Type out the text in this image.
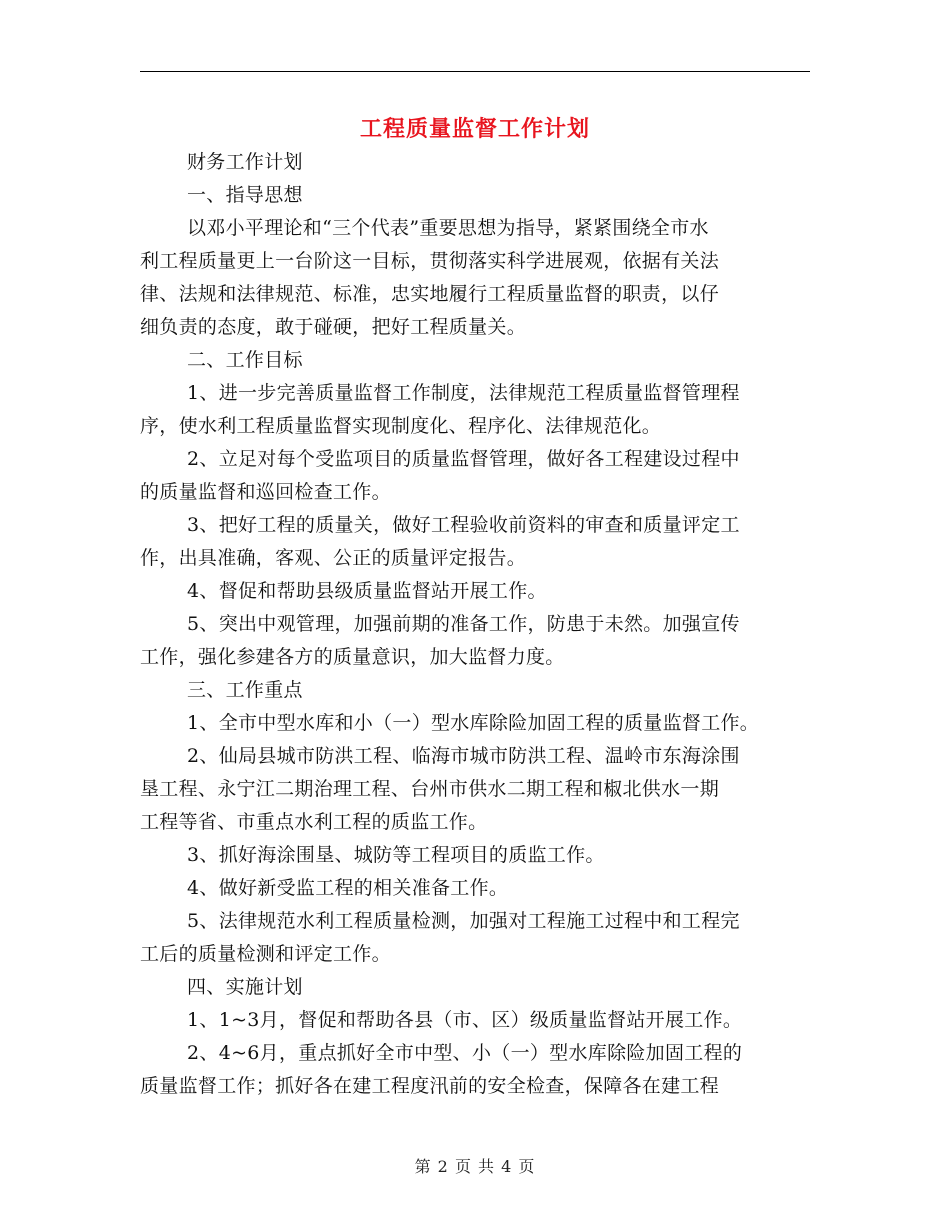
工程质量监督工作计划
财务工作计划
一、指导思想
以邓小平理论和“三个代表”重要思想为指导，紧紧围绕全市水
利工程质量更上一台阶这一目标，贯彻落实科学进展观，依据有关法
律、法规和法律规范、标准，忠实地履行工程质量监督的职责，以仔
细负责的态度，敢于碰硬，把好工程质量关。
二、工作目标
1、进一步完善质量监督工作制度，法律规范工程质量监督管理程
序，使水利工程质量监督实现制度化、程序化、法律规范化。
2、立足对每个受监项目的质量监督管理，做好各工程建设过程中
的质量监督和巡回检查工作。
3、把好工程的质量关，做好工程验收前资料的审查和质量评定工
作，出具准确，客观、公正的质量评定报告。
4、督促和帮助县级质量监督站开展工作。
5、突出中观管理，加强前期的准备工作，防患于未然。加强宣传
工作，强化参建各方的质量意识，加大监督力度。
三、工作重点
1、全市中型水库和小（一）型水库除险加固工程的质量监督工作。
2、仙局县城市防洪工程、临海市城市防洪工程、温岭市东海涂围
垦工程、永宁江二期治理工程、台州市供水二期工程和椒北供水一期
工程等省、市重点水利工程的质监工作。
3、抓好海涂围垦、城防等工程项目的质监工作。
4、做好新受监工程的相关准备工作。
5、法律规范水利工程质量检测，加强对工程施工过程中和工程完
工后的质量检测和评定工作。
四、实施计划
1、1~3月，督促和帮助各县（市、区）级质量监督站开展工作。
2、4~6月，重点抓好全市中型、小（一）型水库除险加固工程的
质量监督工作；抓好各在建工程度汛前的安全检查，保障各在建工程
第 2 页 共 4 页
